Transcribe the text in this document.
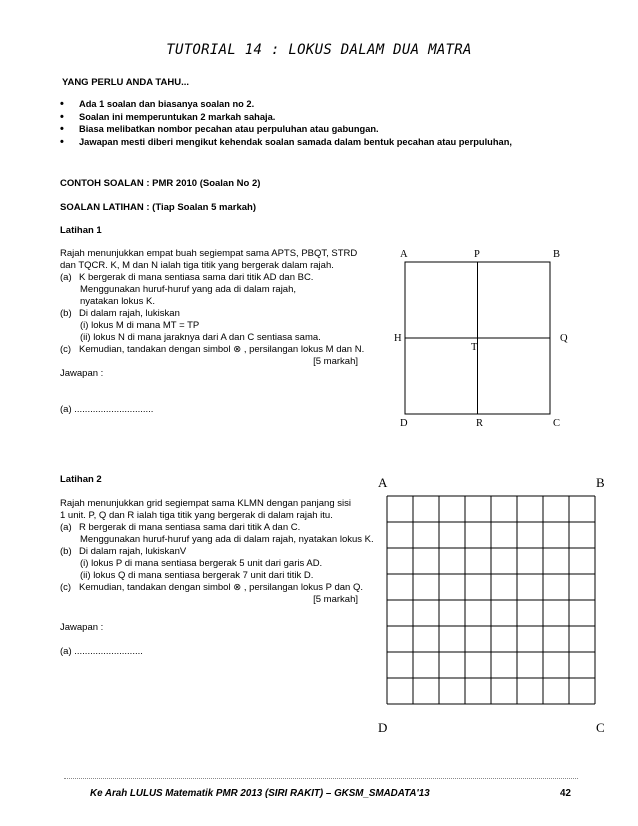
TUTORIAL 14 : LOKUS DALAM DUA MATRA
YANG PERLU ANDA TAHU...
• Ada 1 soalan dan biasanya soalan no 2.
• Soalan ini memperuntukan 2 markah sahaja.
• Biasa melibatkan nombor pecahan atau perpuluhan atau gabungan.
• Jawapan mesti diberi mengikut kehendak soalan samada dalam bentuk pecahan atau perpuluhan,
CONTOH SOALAN : PMR 2010 (Soalan No 2)
SOALAN LATIHAN : (Tiap Soalan 5 markah)
Latihan 1
Rajah menunjukkan empat buah segiempat sama APTS, PBQT, STRD
dan TQCR. K, M dan N ialah tiga titik yang bergerak dalam rajah.
(a) K bergerak di mana sentiasa sama dari titik AD dan BC.
Menggunakan huruf-huruf yang ada di dalam rajah,
nyatakan lokus K.
(b) Di dalam rajah, lukiskan
(i) lokus M di mana MT = TP
(ii) lokus N di mana jaraknya dari A dan C sentiasa sama.
(c) Kemudian, tandakan dengan simbol ⊗ , persilangan lokus M dan N.
[5 markah]
Jawapan :
(a) ..............................
A	P	B
H	Q
T
D	R	C
Latihan 2
Rajah menunjukkan grid segiempat sama KLMN dengan panjang sisi
1 unit. P, Q dan R ialah tiga titik yang bergerak di dalam rajah itu.
(a) R bergerak di mana sentiasa sama dari titik A dan C.
Menggunakan huruf-huruf yang ada di dalam rajah, nyatakan lokus K.
(b) Di dalam rajah, lukiskanV
(i) lokus P di mana sentiasa bergerak 5 unit dari garis AD.
(ii) lokus Q di mana sentiasa bergerak 7 unit dari titik D.
(c) Kemudian, tandakan dengan simbol ⊗ , persilangan lokus P dan Q.
[5 markah]
Jawapan :
(a) ..........................
A	B
D	C
Ke Arah LULUS Matematik PMR 2013 (SIRI RAKIT) – GKSM_SMADATA'13	42
